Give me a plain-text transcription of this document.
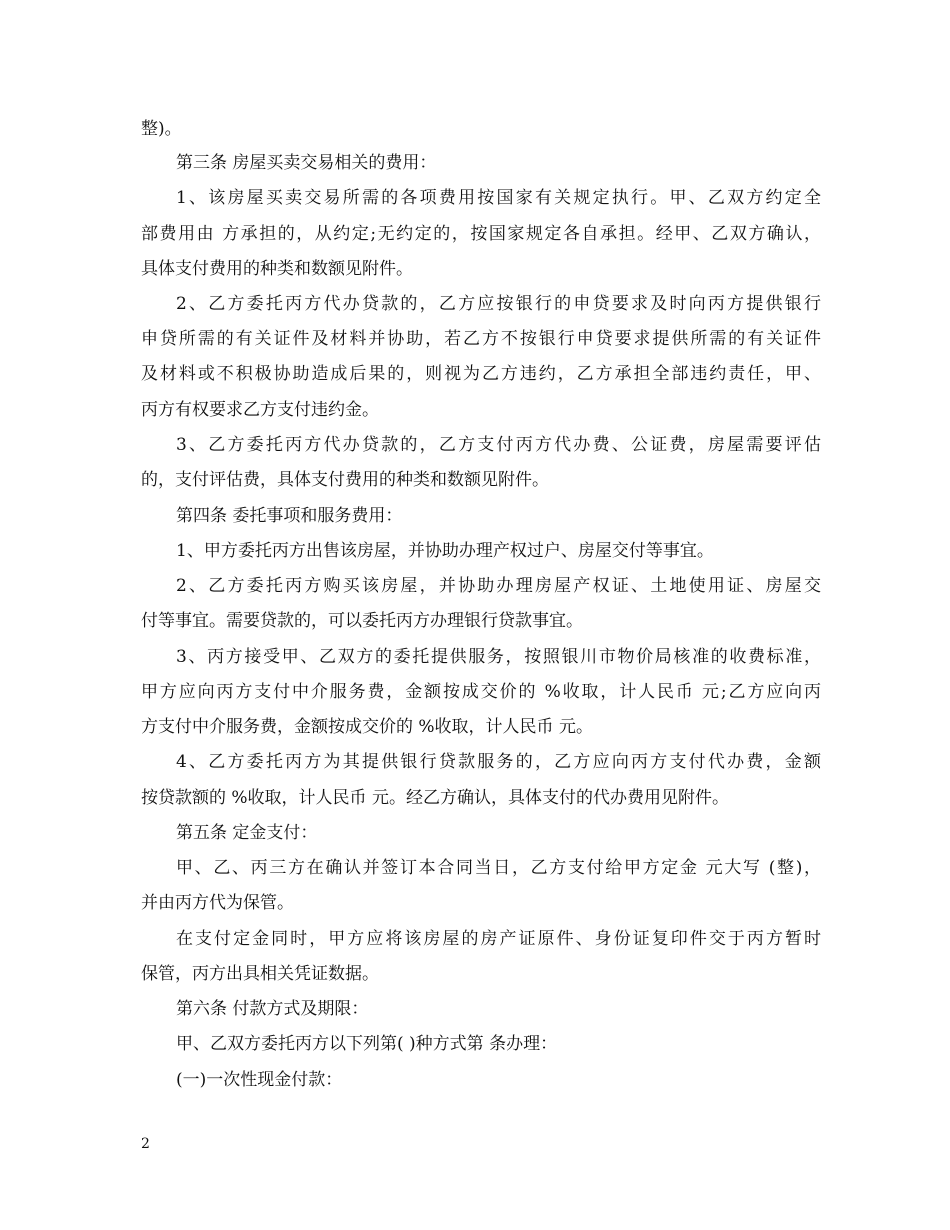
整)。
第三条 房屋买卖交易相关的费用：
1、该房屋买卖交易所需的各项费用按国家有关规定执行。甲、乙双方约定全
部费用由 方承担的，从约定;无约定的，按国家规定各自承担。经甲、乙双方确认，
具体支付费用的种类和数额见附件。
2、乙方委托丙方代办贷款的，乙方应按银行的申贷要求及时向丙方提供银行
申贷所需的有关证件及材料并协助，若乙方不按银行申贷要求提供所需的有关证件
及材料或不积极协助造成后果的，则视为乙方违约，乙方承担全部违约责任，甲、
丙方有权要求乙方支付违约金。
3、乙方委托丙方代办贷款的，乙方支付丙方代办费、公证费，房屋需要评估
的，支付评估费，具体支付费用的种类和数额见附件。
第四条 委托事项和服务费用：
1、甲方委托丙方出售该房屋，并协助办理产权过户、房屋交付等事宜。
2、乙方委托丙方购买该房屋，并协助办理房屋产权证、土地使用证、房屋交
付等事宜。需要贷款的，可以委托丙方办理银行贷款事宜。
3、丙方接受甲、乙双方的委托提供服务，按照银川市物价局核准的收费标准，
甲方应向丙方支付中介服务费，金额按成交价的 %收取，计人民币 元;乙方应向丙
方支付中介服务费，金额按成交价的 %收取，计人民币 元。
4、乙方委托丙方为其提供银行贷款服务的，乙方应向丙方支付代办费，金额
按贷款额的 %收取，计人民币 元。经乙方确认，具体支付的代办费用见附件。
第五条 定金支付：
甲、乙、丙三方在确认并签订本合同当日，乙方支付给甲方定金 元大写 (整)，
并由丙方代为保管。
在支付定金同时，甲方应将该房屋的房产证原件、身份证复印件交于丙方暂时
保管，丙方出具相关凭证数据。
第六条 付款方式及期限：
甲、乙双方委托丙方以下列第( )种方式第 条办理：
(一)一次性现金付款：
2
